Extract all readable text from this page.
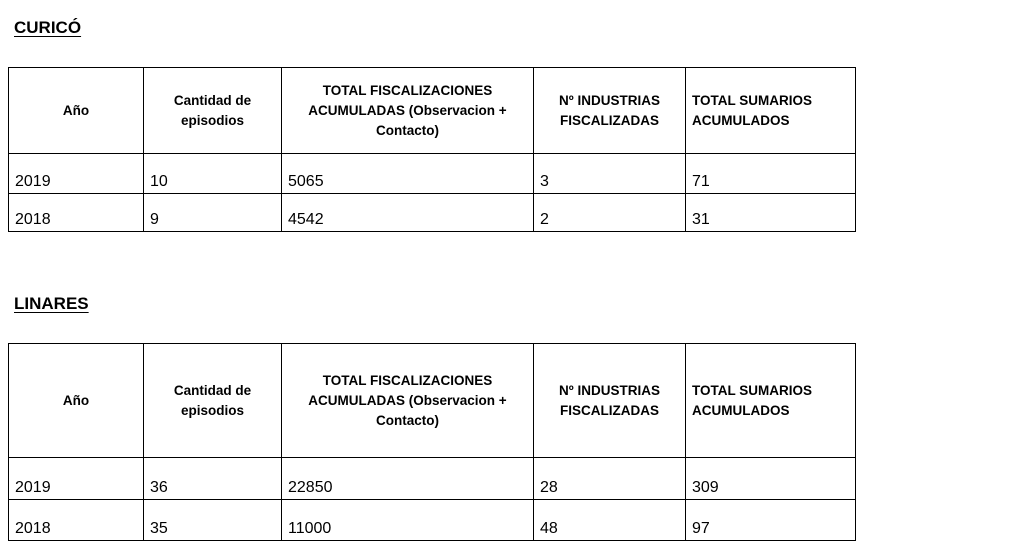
CURICÓ
Año	Cantidad de episodios	TOTAL FISCALIZACIONES ACUMULADAS (Observacion + Contacto)	Nº INDUSTRIAS FISCALIZADAS	TOTAL SUMARIOS ACUMULADOS
2019	10	5065	3	71
2018	9	4542	2	31
LINARES
Año	Cantidad de episodios	TOTAL FISCALIZACIONES ACUMULADAS (Observacion + Contacto)	Nº INDUSTRIAS FISCALIZADAS	TOTAL SUMARIOS ACUMULADOS
2019	36	22850	28	309
2018	35	11000	48	97
